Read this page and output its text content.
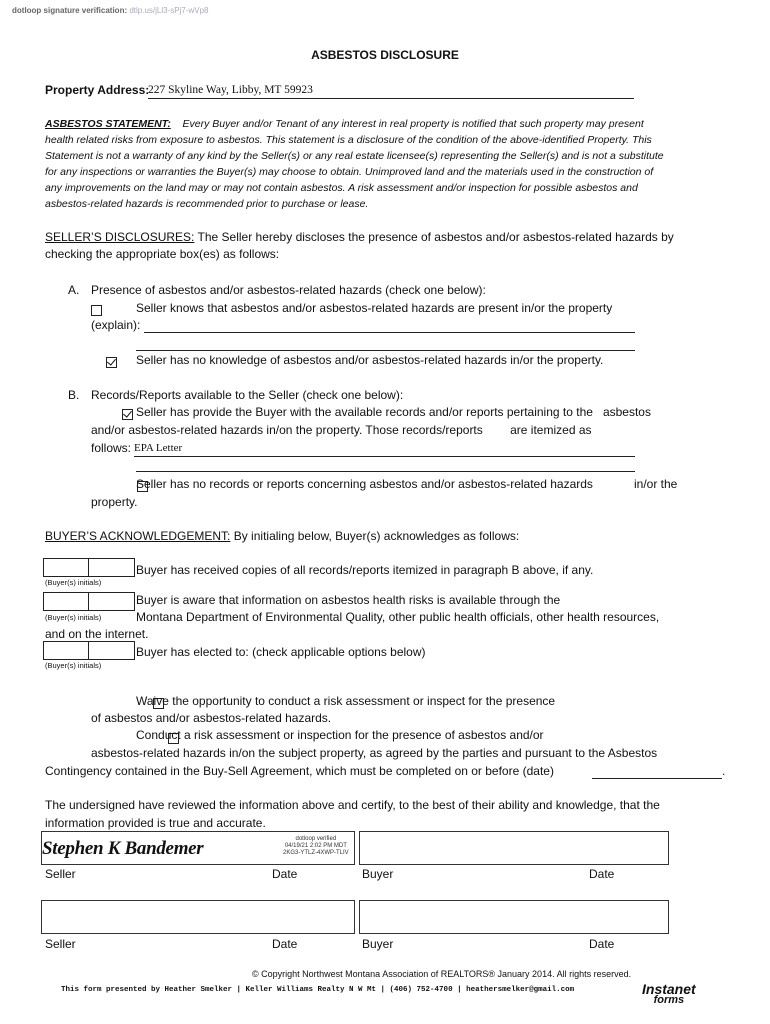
dotloop signature verification: dtlp.us/jLl3-sPj7-wVp8
ASBESTOS DISCLOSURE
Property Address:
227 Skyline Way, Libby, MT 59923
ASBESTOS STATEMENT: Every Buyer and/or Tenant of any interest in real property is notified that such property may present
health related risks from exposure to asbestos. This statement is a disclosure of the condition of the above-identified Property. This
Statement is not a warranty of any kind by the Seller(s) or any real estate licensee(s) representing the Seller(s) and is not a substitute
for any inspections or warranties the Buyer(s) may choose to obtain. Unimproved land and the materials used in the construction of
any improvements on the land may or may not contain asbestos. A risk assessment and/or inspection for possible asbestos and
asbestos-related hazards is recommended prior to purchase or lease.
SELLER’S DISCLOSURES: The Seller hereby discloses the presence of asbestos and/or asbestos-related hazards by
checking the appropriate box(es) as follows:
A. Presence of asbestos and/or asbestos-related hazards (check one below):

Seller knows that asbestos and/or asbestos-related hazards are present in/or the property
(explain):

Seller has no knowledge of asbestos and/or asbestos-related hazards in/or the property.
B. Records/Reports available to the Seller (check one below):

Seller has provide the Buyer with the available records and/or reports pertaining to the asbestos
and/or asbestos-related hazards in/on the property. Those records/reports are itemized as
follows: EPA Letter

Seller has no records or reports concerning asbestos and/or asbestos-related hazards	in/or the
property.
BUYER’S ACKNOWLEDGEMENT: By initialing below, Buyer(s) acknowledges as follows:
(Buyer(s) initials)
Buyer has received copies of all records/reports itemized in paragraph B above, if any.
(Buyer(s) initials)
Buyer is aware that information on asbestos health risks is available through the
Montana Department of Environmental Quality, other public health officials, other health resources,
and on the internet.
(Buyer(s) initials)
Buyer has elected to: (check applicable options below)

Waive the opportunity to conduct a risk assessment or inspect for the presence
of asbestos and/or asbestos-related hazards.
Conduct a risk assessment or inspection for the presence of asbestos and/or
asbestos-related hazards in/on the subject property, as agreed by the parties and pursuant to the Asbestos
Contingency contained in the Buy-Sell Agreement, which must be completed on or before (date)	.
The undersigned have reviewed the information above and certify, to the best of their ability and knowledge, that the
information provided is true and accurate.
Stephen K Bandemer	dotloop verified
04/19/21 2:02 PM MDT
2KG3-YTLZ-4XWP-TLIV
Seller	Date	Buyer	Date
Seller	Date	Buyer	Date
© Copyright Northwest Montana Association of REALTORS® January 2014. All rights reserved.
This form presented by Heather Smelker | Keller Williams Realty N W Mt | (406) 752-4700 | heathersmelker@gmail.com	Instanet
forms
